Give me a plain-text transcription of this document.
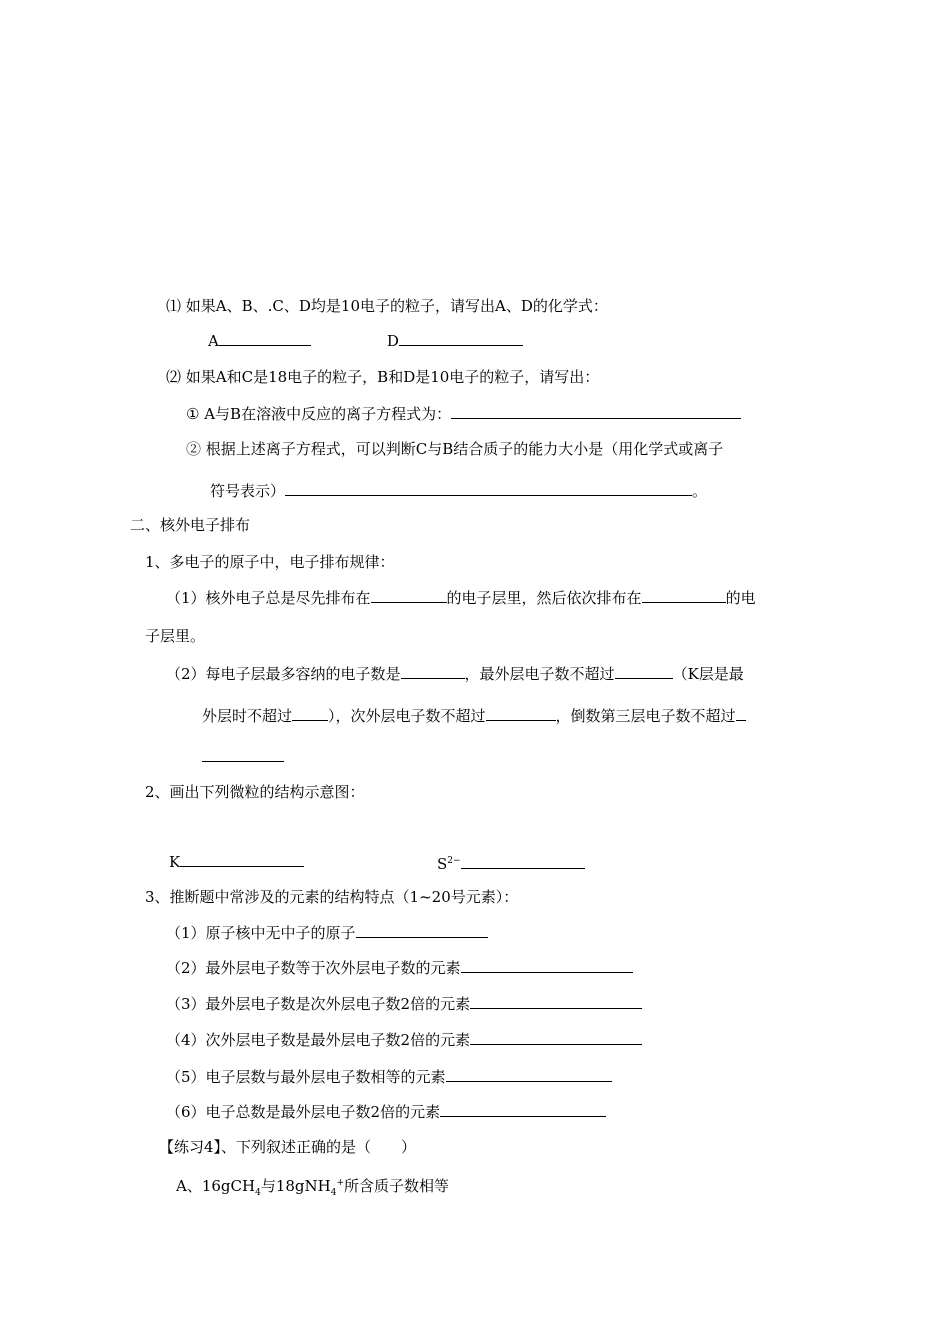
⑴ 如果A、B、.C、D均是10电子的粒子，请写出A、D的化学式：
A	D
⑵ 如果A和C是18电子的粒子，B和D是10电子的粒子，请写出：
① A与B在溶液中反应的离子方程式为：
② 根据上述离子方程式，可以判断C与B结合质子的能力大小是（用化学式或离子
符号表示）	。
二、核外电子排布
1、多电子的原子中，电子排布规律：
（1）核外电子总是尽先排布在	的电子层里，然后依次排布在	的电
子层里。
（2）每电子层最多容纳的电子数是	，最外层电子数不超过	（K层是最
外层时不超过 ），次外层电子数不超过	，倒数第三层电子数不超过
2、画出下列微粒的结构示意图：
K	$S^{2-}$
3、推断题中常涉及的元素的结构特点（1~20号元素）：
（1）原子核中无中子的原子
（2）最外层电子数等于次外层电子数的元素
（3）最外层电子数是次外层电子数2倍的元素
（4）次外层电子数是最外层电子数2倍的元素
（5）电子层数与最外层电子数相等的元素
（6）电子总数是最外层电子数2倍的元素
【练习4】、下列叙述正确的是（　　）
A、16gCH$_4$与18gNH$_4$+所含质子数相等
